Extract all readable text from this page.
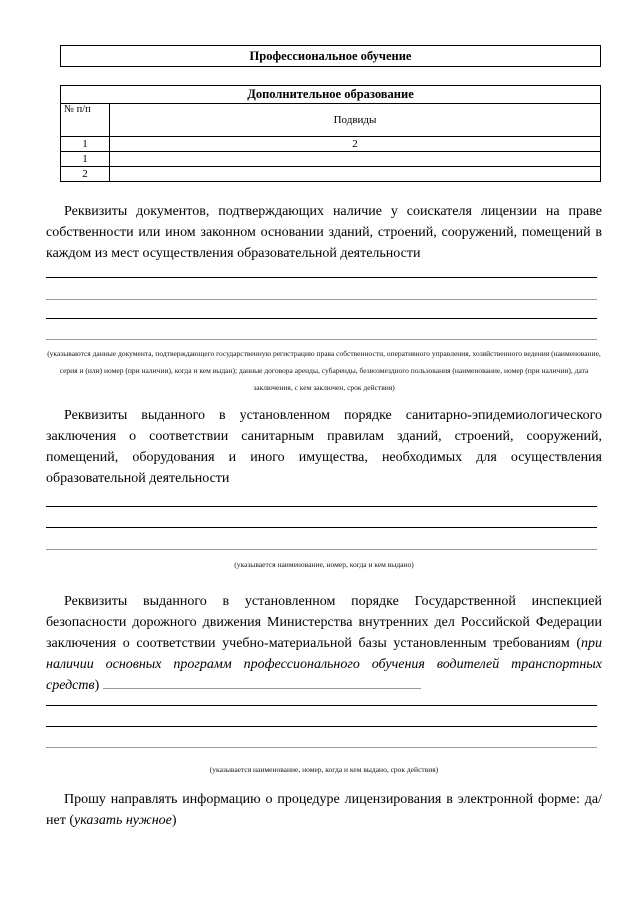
Профессиональное обучение
Дополнительное образование	
№ п/п	Подвиды
1	2
1	
2	

Реквизиты документов, подтверждающих наличие у соискателя лицензии на праве собственности или ином законном основании зданий, строений, сооружений, помещений в каждом из мест осуществления образовательной деятельности

(указываются данные документа, подтверждающего государственную регистрацию права собственности, оперативного управления, хозяйственного ведения (наименование, серия и (или) номер (при наличии), когда и кем выдан); данные договора аренды, субаренды, безвозмездного пользования (наименование, номер (при наличии), дата заключения, с кем заключен, срок действия)

Реквизиты выданного в установленном порядке санитарно-эпидемиологического заключения о соответствии санитарным правилам зданий, строений, сооружений, помещений, оборудования и иного имущества, необходимых для осуществления образовательной деятельности

(указывается наименование, номер, когда и кем выдано)

Реквизиты выданного в установленном порядке Государственной инспекцией безопасности дорожного движения Министерства внутренних дел Российской Федерации заключения о соответствии учебно-материальной базы установленным требованиям (при наличии основных программ профессионального обучения водителей транспортных средств)

(указывается наименование, номер, когда и кем выдано, срок действия)

Прошу направлять информацию о процедуре лицензирования в электронной форме: да/нет (указать нужное)
